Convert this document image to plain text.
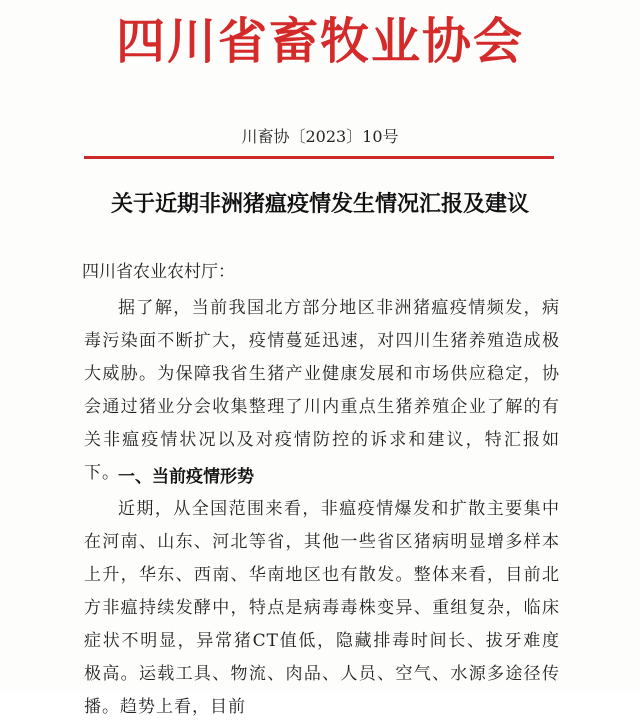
四川省畜牧业协会
川畜协〔2023〕10号
关于近期非洲猪瘟疫情发生情况汇报及建议
四川省农业农村厅：

据了解，当前我国北方部分地区非洲猪瘟疫情频发，病毒污染面不断扩大，疫情蔓延迅速，对四川生猪养殖造成极大威胁。为保障我省生猪产业健康发展和市场供应稳定，协会通过猪业分会收集整理了川内重点生猪养殖企业了解的有关非瘟疫情状况以及对疫情防控的诉求和建议，特汇报如下。

一、当前疫情形势

近期，从全国范围来看，非瘟疫情爆发和扩散主要集中在河南、山东、河北等省，其他一些省区猪病明显增多样本上升，华东、西南、华南地区也有散发。整体来看，目前北方非瘟持续发酵中，特点是病毒毒株变异、重组复杂，临床症状不明显，异常猪CT值低，隐藏排毒时间长、拔牙难度极高。运载工具、物流、肉品、人员、空气、水源多途径传播。趋势上看，目前
